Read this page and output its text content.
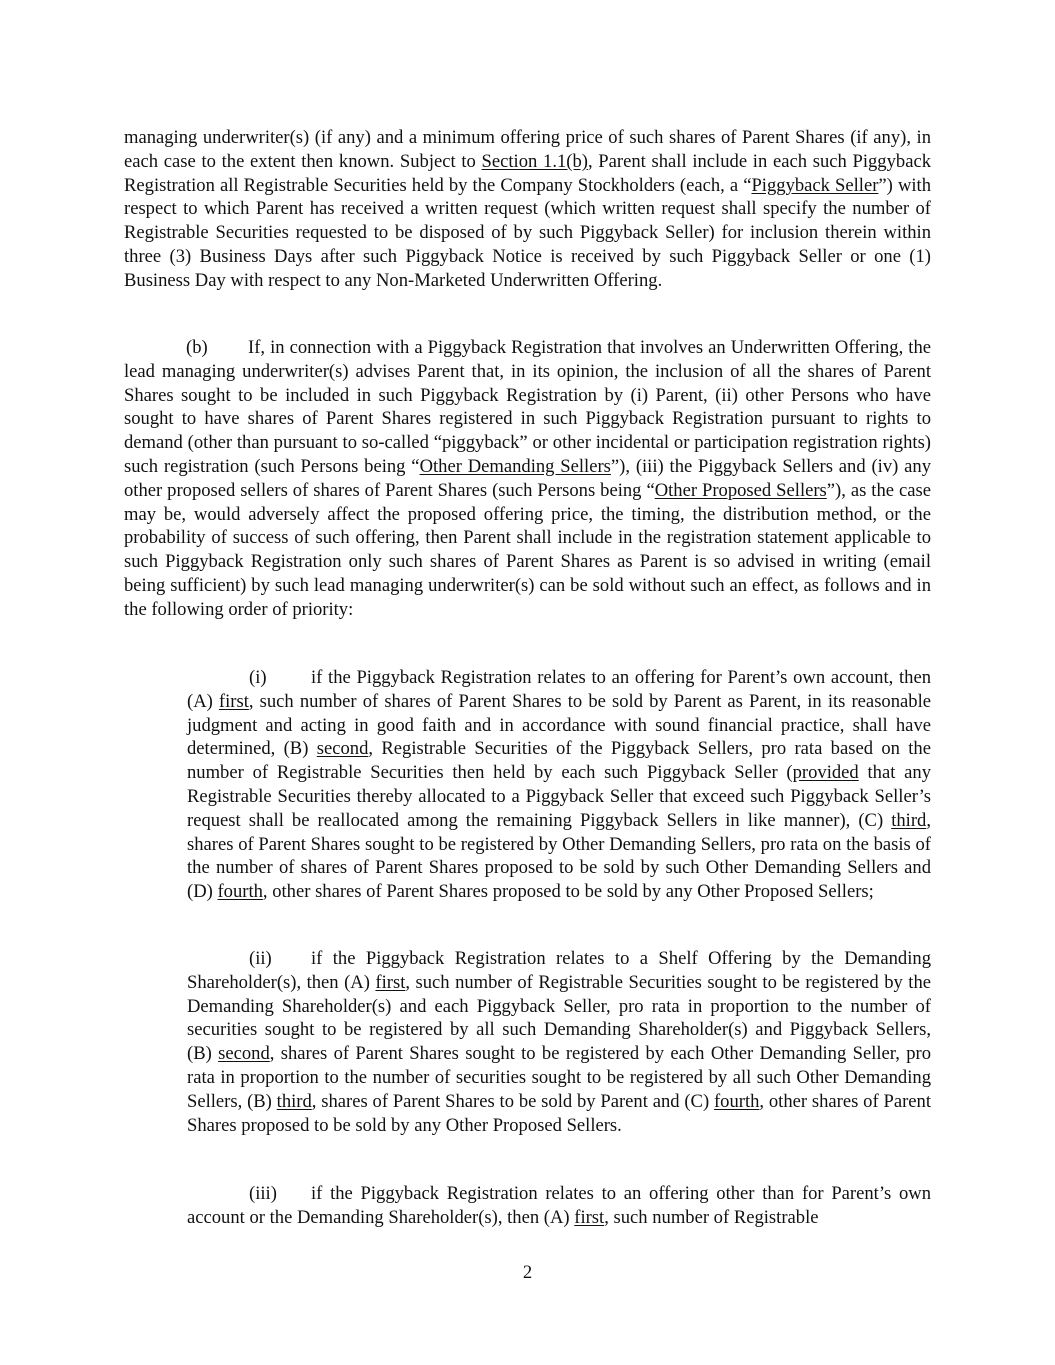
managing underwriter(s) (if any) and a minimum offering price of such shares of Parent Shares (if any), in each case to the extent then known. Subject to Section 1.1(b), Parent shall include in each such Piggyback Registration all Registrable Securities held by the Company Stockholders (each, a “Piggyback Seller”) with respect to which Parent has received a written request (which written request shall specify the number of Registrable Securities requested to be disposed of by such Piggyback Seller) for inclusion therein within three (3) Business Days after such Piggyback Notice is received by such Piggyback Seller or one (1) Business Day with respect to any Non-Marketed Underwritten Offering.

(b) If, in connection with a Piggyback Registration that involves an Underwritten Offering, the lead managing underwriter(s) advises Parent that, in its opinion, the inclusion of all the shares of Parent Shares sought to be included in such Piggyback Registration by (i) Parent, (ii) other Persons who have sought to have shares of Parent Shares registered in such Piggyback Registration pursuant to rights to demand (other than pursuant to so-called “piggyback” or other incidental or participation registration rights) such registration (such Persons being “Other Demanding Sellers”), (iii) the Piggyback Sellers and (iv) any other proposed sellers of shares of Parent Shares (such Persons being “Other Proposed Sellers”), as the case may be, would adversely affect the proposed offering price, the timing, the distribution method, or the probability of success of such offering, then Parent shall include in the registration statement applicable to such Piggyback Registration only such shares of Parent Shares as Parent is so advised in writing (email being sufficient) by such lead managing underwriter(s) can be sold without such an effect, as follows and in the following order of priority:

(i) if the Piggyback Registration relates to an offering for Parent’s own account, then (A) first, such number of shares of Parent Shares to be sold by Parent as Parent, in its reasonable judgment and acting in good faith and in accordance with sound financial practice, shall have determined, (B) second, Registrable Securities of the Piggyback Sellers, pro rata based on the number of Registrable Securities then held by each such Piggyback Seller (provided that any Registrable Securities thereby allocated to a Piggyback Seller that exceed such Piggyback Seller’s request shall be reallocated among the remaining Piggyback Sellers in like manner), (C) third, shares of Parent Shares sought to be registered by Other Demanding Sellers, pro rata on the basis of the number of shares of Parent Shares proposed to be sold by such Other Demanding Sellers and (D) fourth, other shares of Parent Shares proposed to be sold by any Other Proposed Sellers;

(ii) if the Piggyback Registration relates to a Shelf Offering by the Demanding Shareholder(s), then (A) first, such number of Registrable Securities sought to be registered by the Demanding Shareholder(s) and each Piggyback Seller, pro rata in proportion to the number of securities sought to be registered by all such Demanding Shareholder(s) and Piggyback Sellers, (B) second, shares of Parent Shares sought to be registered by each Other Demanding Seller, pro rata in proportion to the number of securities sought to be registered by all such Other Demanding Sellers, (B) third, shares of Parent Shares to be sold by Parent and (C) fourth, other shares of Parent Shares proposed to be sold by any Other Proposed Sellers.

(iii) if the Piggyback Registration relates to an offering other than for Parent’s own account or the Demanding Shareholder(s), then (A) first, such number of Registrable

2
